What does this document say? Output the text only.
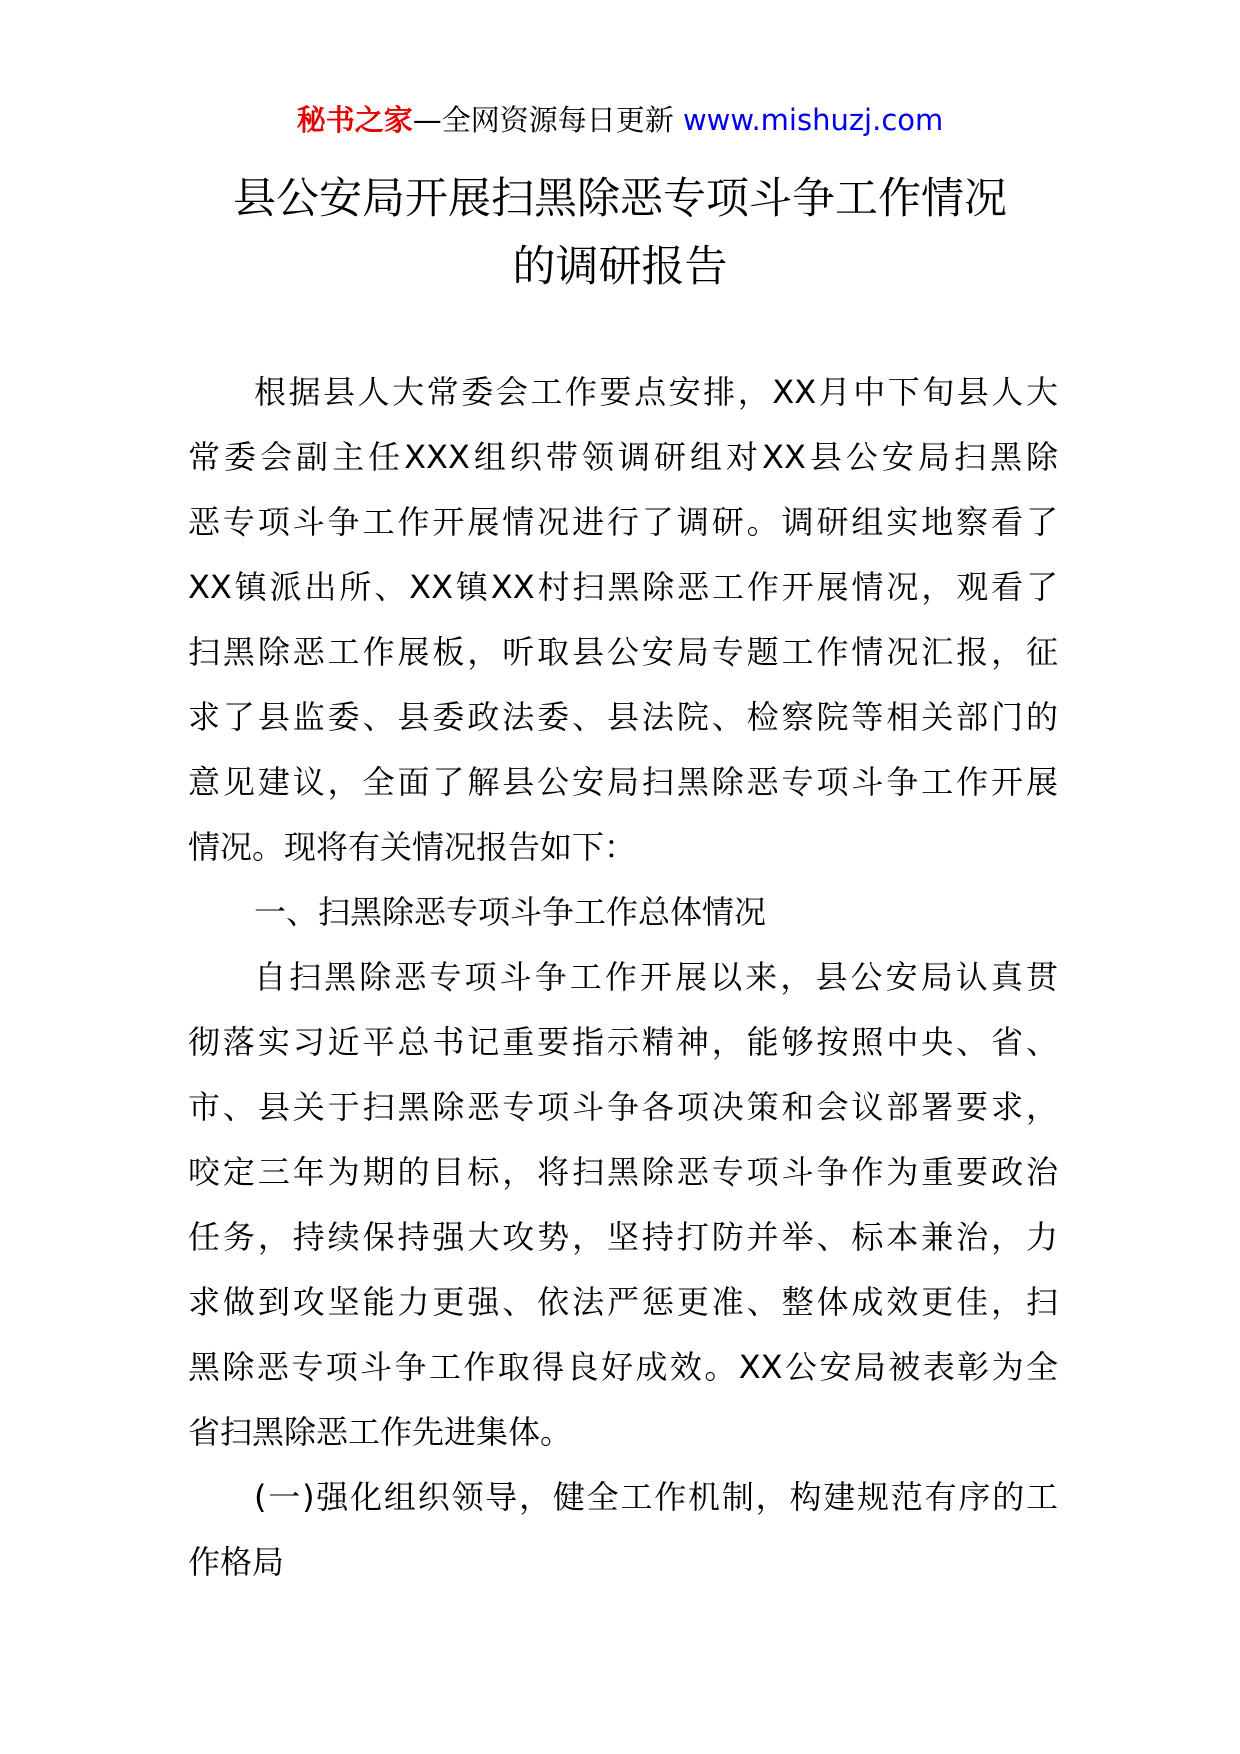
秘书之家—全网资源每日更新 www.mishuzj.com
县公安局开展扫黑除恶专项斗争工作情况
的调研报告
根据县人大常委会工作要点安排，XX月中下旬县人大
常委会副主任XXX组织带领调研组对XX县公安局扫黑除
恶专项斗争工作开展情况进行了调研。调研组实地察看了
XX镇派出所、XX镇XX村扫黑除恶工作开展情况，观看了
扫黑除恶工作展板，听取县公安局专题工作情况汇报，征
求了县监委、县委政法委、县法院、检察院等相关部门的
意见建议，全面了解县公安局扫黑除恶专项斗争工作开展
情况。现将有关情况报告如下：
一、扫黑除恶专项斗争工作总体情况
自扫黑除恶专项斗争工作开展以来，县公安局认真贯
彻落实习近平总书记重要指示精神，能够按照中央、省、
市、县关于扫黑除恶专项斗争各项决策和会议部署要求，
咬定三年为期的目标，将扫黑除恶专项斗争作为重要政治
任务，持续保持强大攻势，坚持打防并举、标本兼治，力
求做到攻坚能力更强、依法严惩更准、整体成效更佳，扫
黑除恶专项斗争工作取得良好成效。XX公安局被表彰为全
省扫黑除恶工作先进集体。
(一)强化组织领导，健全工作机制，构建规范有序的工
作格局
